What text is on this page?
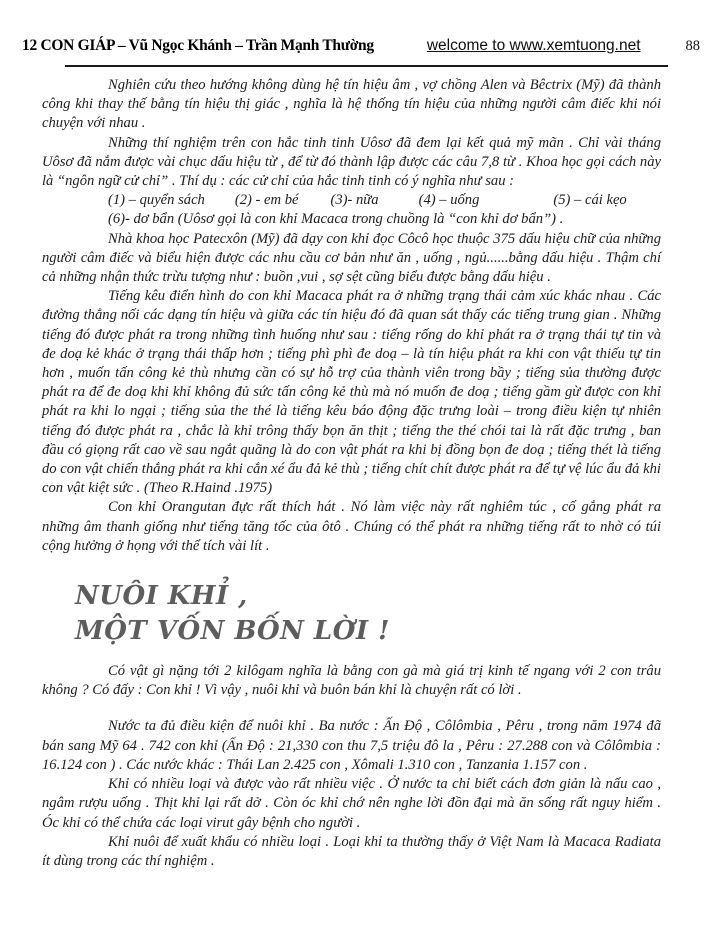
12 CON GIÁP – Vũ Ngọc Khánh – Trần Mạnh Thường	welcome to www.xemtuong.net	88

Nghiên cứu theo hướng không dùng hệ tín hiệu âm , vợ chồng Alen và Bêctrix (Mỹ) đã thành công khi thay thế bằng tín hiệu thị giác , nghĩa là hệ thống tín hiệu của những người câm điếc khi nói chuyện với nhau .

Những thí nghiệm trên con hắc tinh tinh Uôsơ đã đem lại kết quả mỹ mãn . Chỉ vài tháng Uôsơ đã nắm được vài chục dấu hiệu từ , để từ đó thành lập được các câu 7,8 từ . Khoa học gọi cách này là “ngôn ngữ cử chỉ” . Thí dụ : các cử chỉ của hắc tinh tinh có ý nghĩa như sau :

(1) – quyển sách (2) - em bé (3)- nữa	(4) – uống	(5) – cái kẹo

(6)- dơ bẩn (Uôsơ gọi là con khỉ Macaca trong chuồng là “con khỉ dơ bẩn”) .

Nhà khoa học Patecxôn (Mỹ) đã dạy con khỉ đọc Côcô học thuộc 375 dấu hiệu chữ của những người câm điếc và biểu hiện được các nhu cầu cơ bản như ăn , uống , ngủ......bằng dấu hiệu . Thậm chí cả những nhận thức trừu tượng như : buồn ,vui , sợ sệt cũng biểu được bằng dấu hiệu .

Tiếng kêu điển hình do con khỉ Macaca phát ra ở những trạng thái cảm xúc khác nhau . Các đường thẳng nối các dạng tín hiệu và giữa các tín hiệu đó đã quan sát thấy các tiếng trung gian . Những tiếng đó được phát ra trong những tình huống như sau : tiếng rống do khỉ phát ra ở trạng thái tự tin và đe doạ kẻ khác ở trạng thái thấp hơn ; tiếng phì phì đe doạ – là tín hiệu phát ra khi con vật thiếu tự tin hơn , muốn tấn công kẻ thù nhưng cần có sự hỗ trợ của thành viên trong bầy ; tiếng sủa thường được phát ra để đe doạ khi khỉ không đủ sức tấn công kẻ thù mà nó muốn đe doạ ; tiếng gầm gừ được con khỉ phát ra khi lo ngại ; tiếng sủa the thé là tiếng kêu báo động đặc trưng loài – trong điều kiện tự nhiên tiếng đó được phát ra , chắc là khỉ trông thấy bọn ăn thịt ; tiếng the thé chói tai là rất đặc trưng , ban đầu có giọng rất cao về sau ngắt quãng là do con vật phát ra khi bị đồng bọn đe doạ ; tiếng thét là tiếng do con vật chiến thắng phát ra khi cắn xé ẩu đả kẻ thù ; tiếng chít chít được phát ra để tự vệ lúc ẩu đả khi con vật kiệt sức . (Theo R.Haind .1975)

Con khỉ Orangutan đực rất thích hát . Nó làm việc này rất nghiêm túc , cố gắng phát ra những âm thanh giống như tiếng tăng tốc của ôtô . Chúng có thể phát ra những tiếng rất to nhờ có túi cộng hưởng ở họng với thể tích vài lít .

NUÔI KHỈ ,
MỘT VỐN BỐN LỜI !

Có vật gì nặng tới 2 kilôgam nghĩa là bằng con gà mà giá trị kinh tế ngang với 2 con trâu không ? Có đấy : Con khỉ ! Vì vậy , nuôi khỉ và buôn bán khỉ là chuyện rất có lời .

Nước ta đủ điều kiện để nuôi khỉ . Ba nước : Ấn Độ , Côlômbia , Pêru , trong năm 1974 đã bán sang Mỹ 64 . 742 con khỉ (Ấn Độ : 21,330 con thu 7,5 triệu đô la , Pêru : 27.288 con và Côlômbia : 16.124 con ) . Các nước khác : Thái Lan 2.425 con , Xômali 1.310 con , Tanzania 1.157 con .

Khỉ có nhiều loại và được vào rất nhiều việc . Ở nước ta chỉ biết cách đơn giản là nấu cao , ngâm rượu uống . Thịt khỉ lại rất dở . Còn óc khỉ chớ nên nghe lời đồn đại mà ăn sống rất nguy hiểm . Óc khỉ có thể chứa các loại virut gây bệnh cho người .

Khỉ nuôi để xuất khẩu có nhiều loại . Loại khỉ ta thường thấy ở Việt Nam là Macaca Radiata ít dùng trong các thí nghiệm .
